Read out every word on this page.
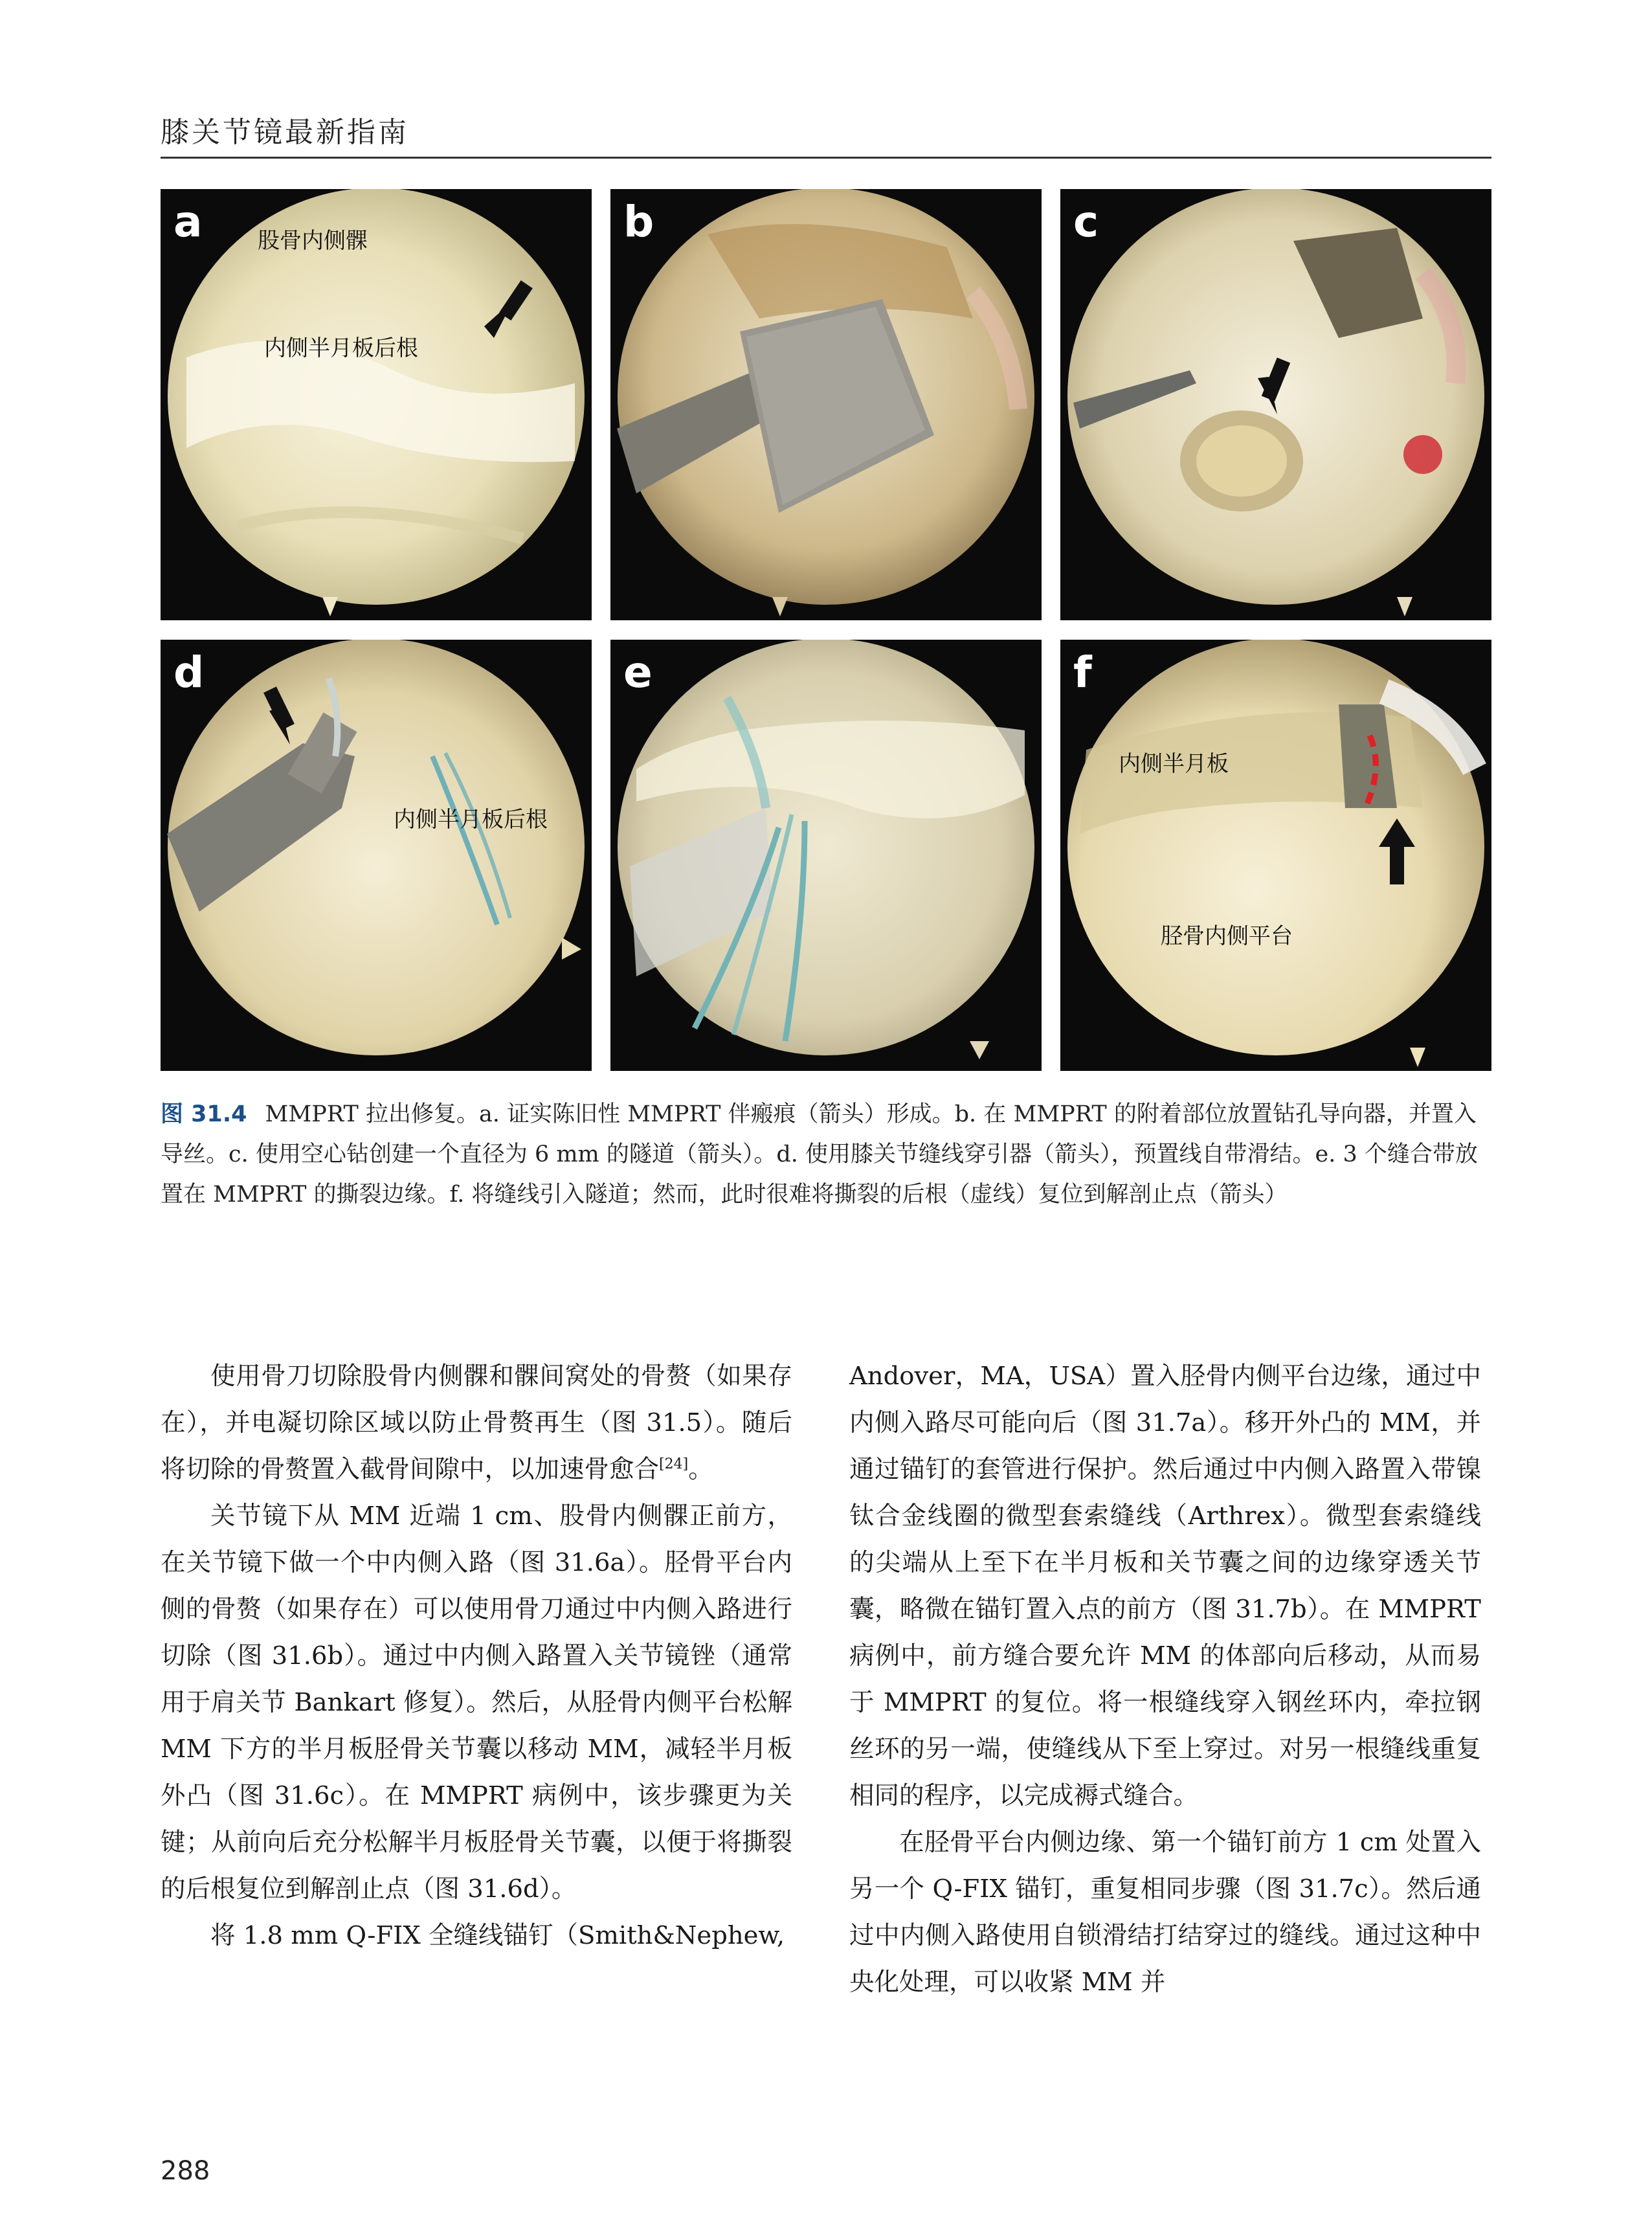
膝关节镜最新指南
a	股骨内侧髁
内侧半月板后根
b	c
d
内侧半月板后根
e	f
内侧半月板
胫骨内侧平台
图 31.4 MMPRT 拉出修复。a. 证实陈旧性 MMPRT 伴瘢痕（箭头）形成。b. 在 MMPRT 的附着部位放置钻孔导向器，并置入导丝。c. 使用空心钻创建一个直径为 6 mm 的隧道（箭头）。d. 使用膝关节缝线穿引器（箭头），预置线自带滑结。e. 3 个缝合带放置在 MMPRT 的撕裂边缘。f. 将缝线引入隧道；然而，此时很难将撕裂的后根（虚线）复位到解剖止点（箭头）

使用骨刀切除股骨内侧髁和髁间窝处的骨赘（如果存在），并电凝切除区域以防止骨赘再生（图 31.5）。随后将切除的骨赘置入截骨间隙中，以加速骨愈合[24]。

关节镜下从 MM 近端 1 cm、股骨内侧髁正前方，在关节镜下做一个中内侧入路（图 31.6a）。胫骨平台内侧的骨赘（如果存在）可以使用骨刀通过中内侧入路进行切除（图 31.6b）。通过中内侧入路置入关节镜锉（通常用于肩关节 Bankart 修复）。然后，从胫骨内侧平台松解 MM 下方的半月板胫骨关节囊以移动 MM，减轻半月板外凸（图 31.6c）。在 MMPRT 病例中，该步骤更为关键；从前向后充分松解半月板胫骨关节囊，以便于将撕裂的后根复位到解剖止点（图 31.6d）。

将 1.8 mm Q-FIX 全缝线锚钉（Smith&Nephew,

Andover，MA，USA）置入胫骨内侧平台边缘，通过中内侧入路尽可能向后（图 31.7a）。移开外凸的 MM，并通过锚钉的套管进行保护。然后通过中内侧入路置入带镍钛合金线圈的微型套索缝线（Arthrex）。微型套索缝线的尖端从上至下在半月板和关节囊之间的边缘穿透关节囊，略微在锚钉置入点的前方（图 31.7b）。在 MMPRT 病例中，前方缝合要允许 MM 的体部向后移动，从而易于 MMPRT 的复位。将一根缝线穿入钢丝环内，牵拉钢丝环的另一端，使缝线从下至上穿过。对另一根缝线重复相同的程序，以完成褥式缝合。

在胫骨平台内侧边缘、第一个锚钉前方 1 cm 处置入另一个 Q-FIX 锚钉，重复相同步骤（图 31.7c）。然后通过中内侧入路使用自锁滑结打结穿过的缝线。通过这种中央化处理，可以收紧 MM 并

288
